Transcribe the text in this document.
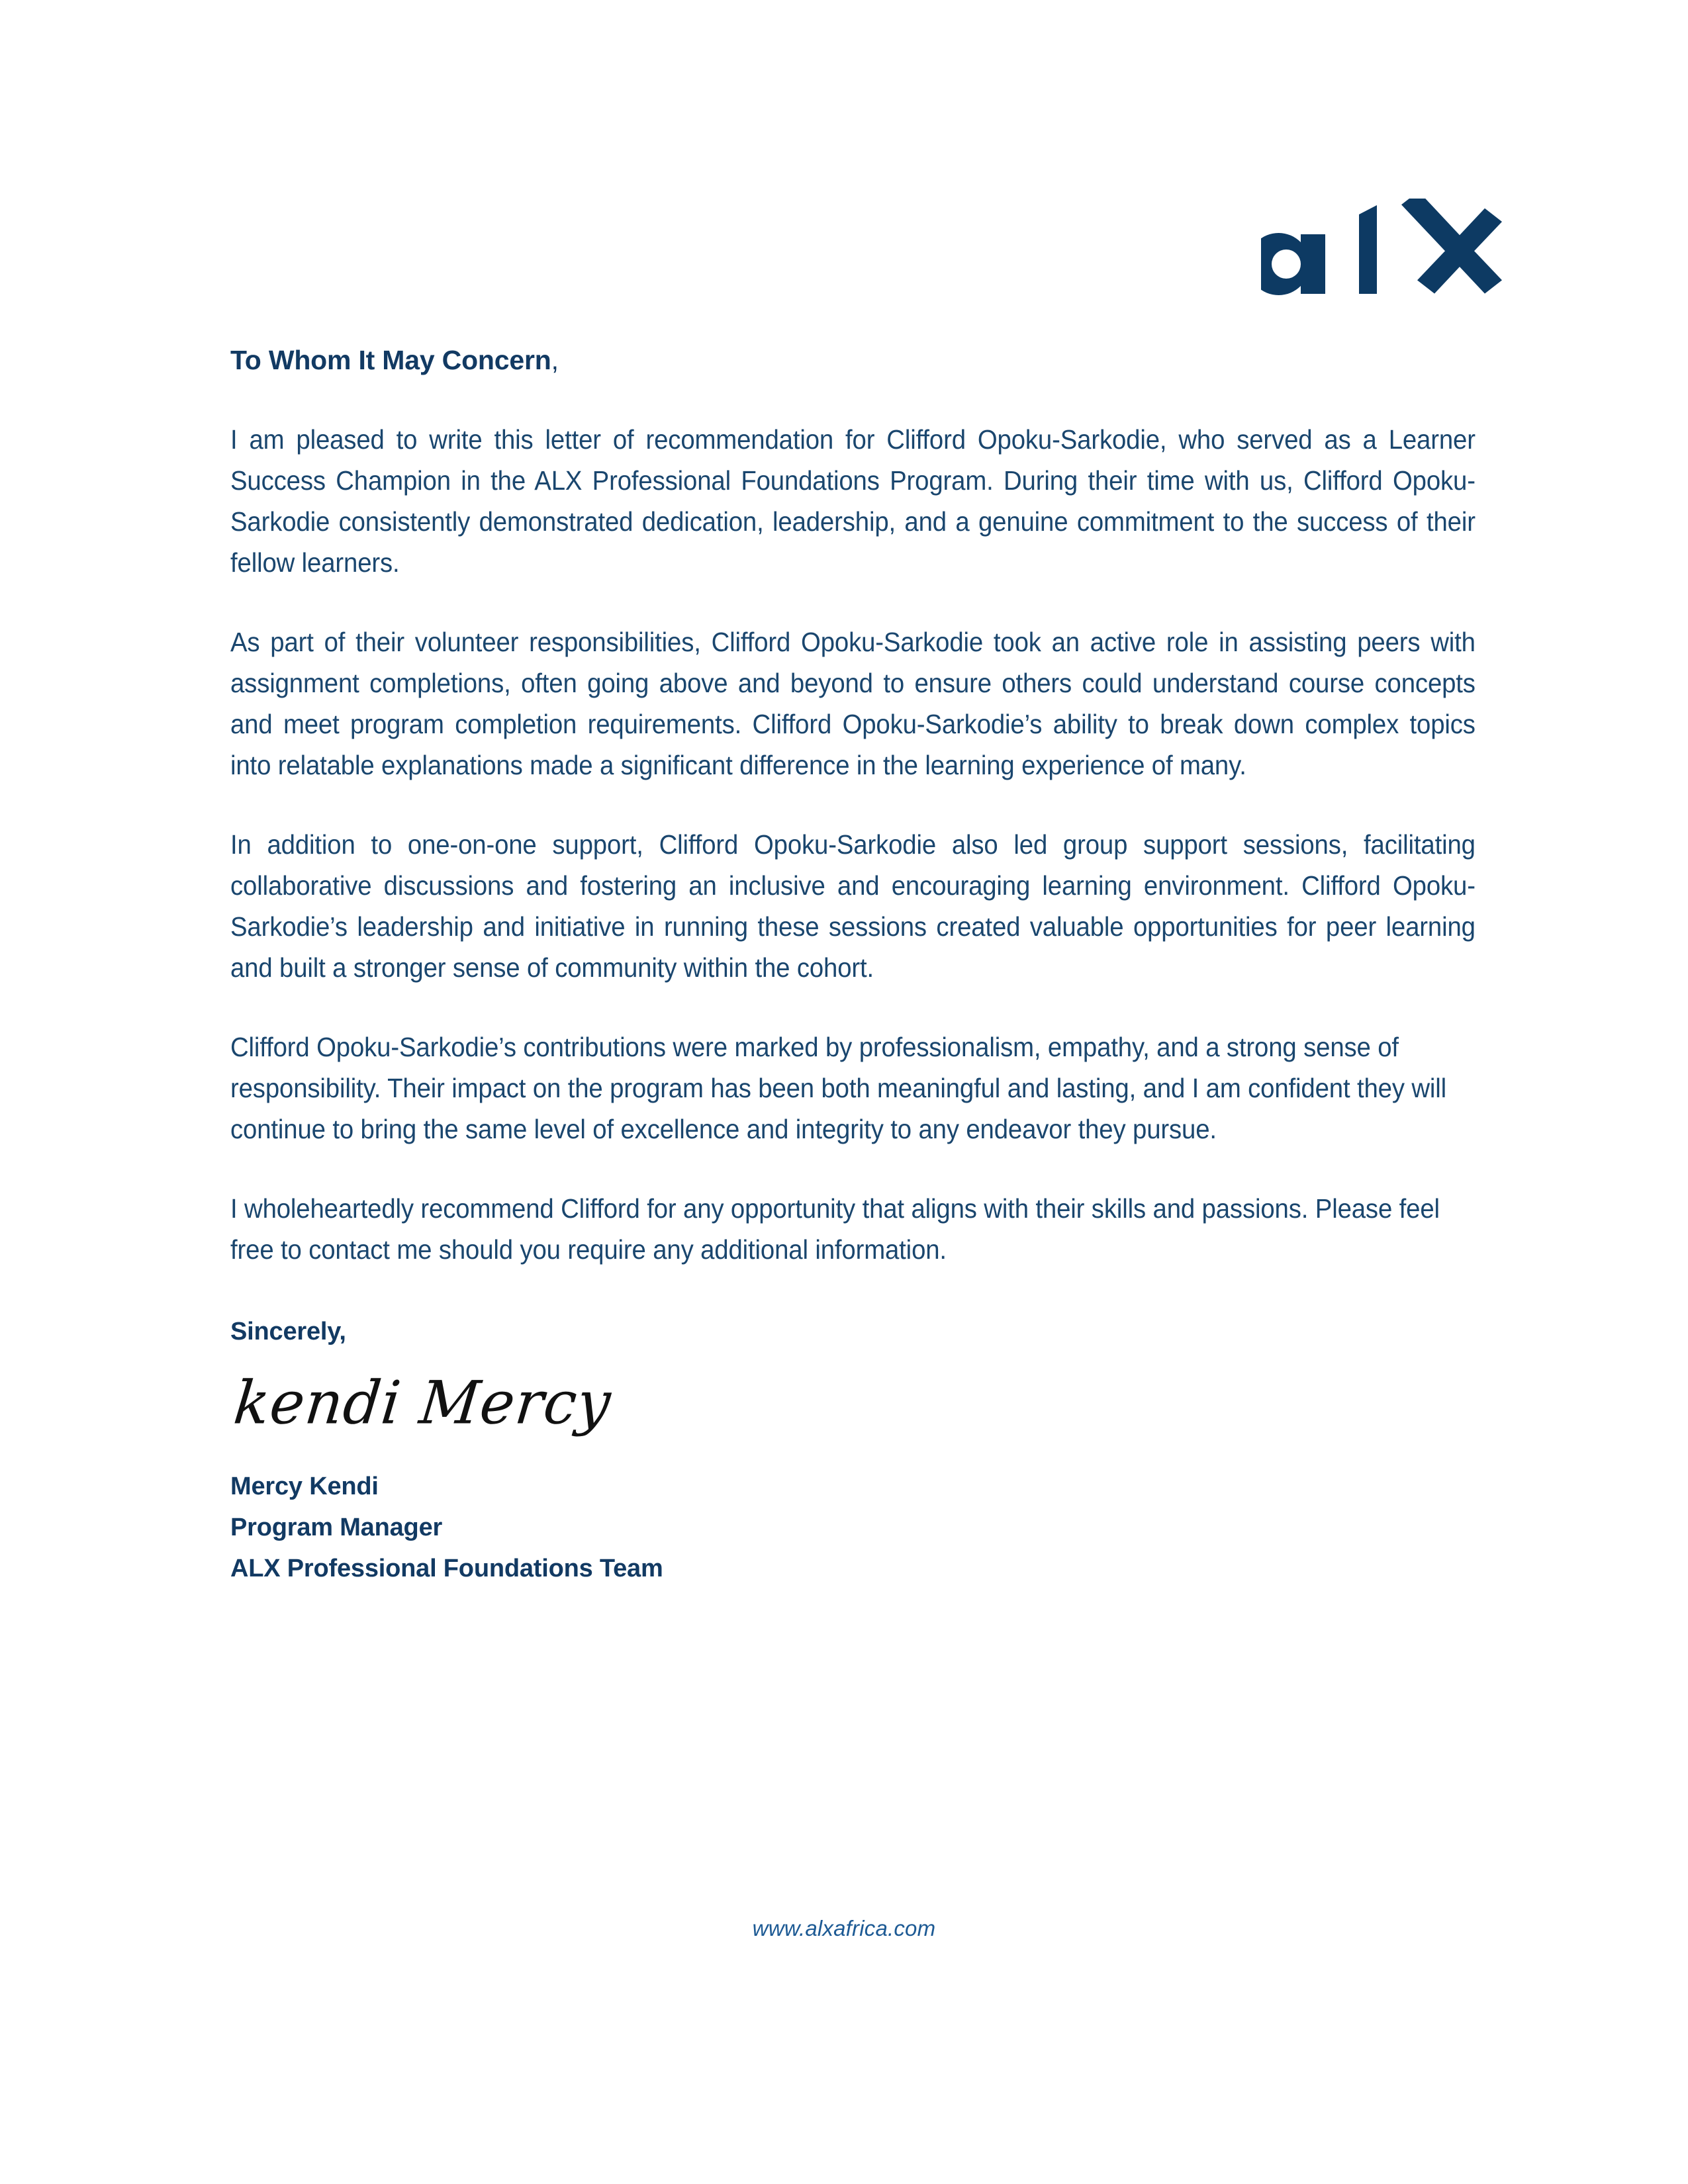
To Whom It May Concern,

I am pleased to write this letter of recommendation for Clifford Opoku-Sarkodie, who served as a Learner Success Champion in the ALX Professional Foundations Program. During their time with us, Clifford Opoku-Sarkodie consistently demonstrated dedication, leadership, and a genuine commitment to the success of their fellow learners.

As part of their volunteer responsibilities, Clifford Opoku-Sarkodie took an active role in assisting peers with assignment completions, often going above and beyond to ensure others could understand course concepts and meet program completion requirements. Clifford Opoku-Sarkodie’s ability to break down complex topics into relatable explanations made a significant difference in the learning experience of many.

In addition to one-on-one support, Clifford Opoku-Sarkodie also led group support sessions, facilitating collaborative discussions and fostering an inclusive and encouraging learning environment. Clifford Opoku-Sarkodie’s leadership and initiative in running these sessions created valuable opportunities for peer learning and built a stronger sense of community within the cohort.

Clifford Opoku-Sarkodie’s contributions were marked by professionalism, empathy, and a strong sense of responsibility. Their impact on the program has been both meaningful and lasting, and I am confident they will continue to bring the same level of excellence and integrity to any endeavor they pursue.

I wholeheartedly recommend Clifford for any opportunity that aligns with their skills and passions. Please feel free to contact me should you require any additional information.

Sincerely,

kendi Mercy

Mercy Kendi
Program Manager
ALX Professional Foundations Team
www.alxafrica.com
